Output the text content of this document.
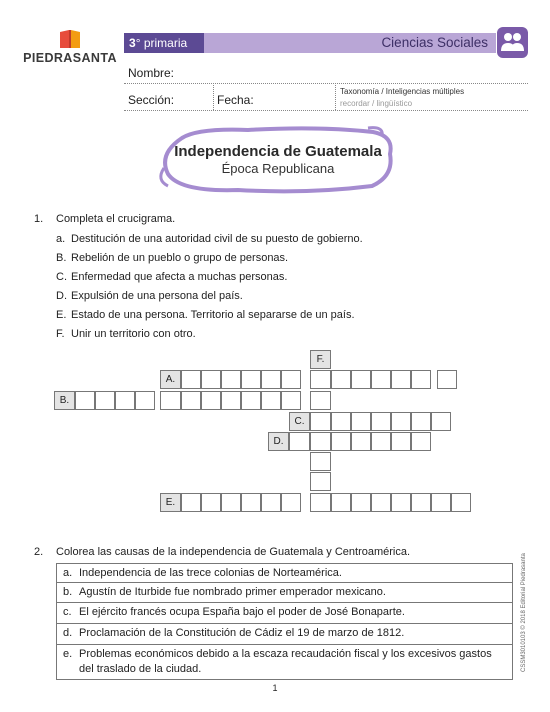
PIEDRASANTA
3° primaria	Ciencias Sociales
Nombre:
Sección:	Fecha:
Taxonomía / Inteligencias múltiples
recordar / lingüístico
Independencia de Guatemala
Época Republicana
1. Completa el crucigrama.
a. Destitución de una autoridad civil de su puesto de gobierno.
B. Rebelión de un pueblo o grupo de personas.
C. Enfermedad que afecta a muchas personas.
D. Expulsión de una persona del país.
E. Estado de una persona. Territorio al separarse de un país.
F. Unir un territorio con otro.
F.
A.
B.
C.
D.
E.
2. Colorea las causas de la independencia de Guatemala y Centroamérica.
a. Independencia de las trece colonias de Norteamérica.
b. Agustín de Iturbide fue nombrado primer emperador mexicano.
c. El ejército francés ocupa España bajo el poder de José Bonaparte.
d. Proclamación de la Constitución de Cádiz el 19 de marzo de 1812.
e. Problemas económicos debido a la escaza recaudación fiscal y los excesivos gastos del traslado de la ciudad.	CSSM3010103 © 2018 Editorial Piedrasanta
1
